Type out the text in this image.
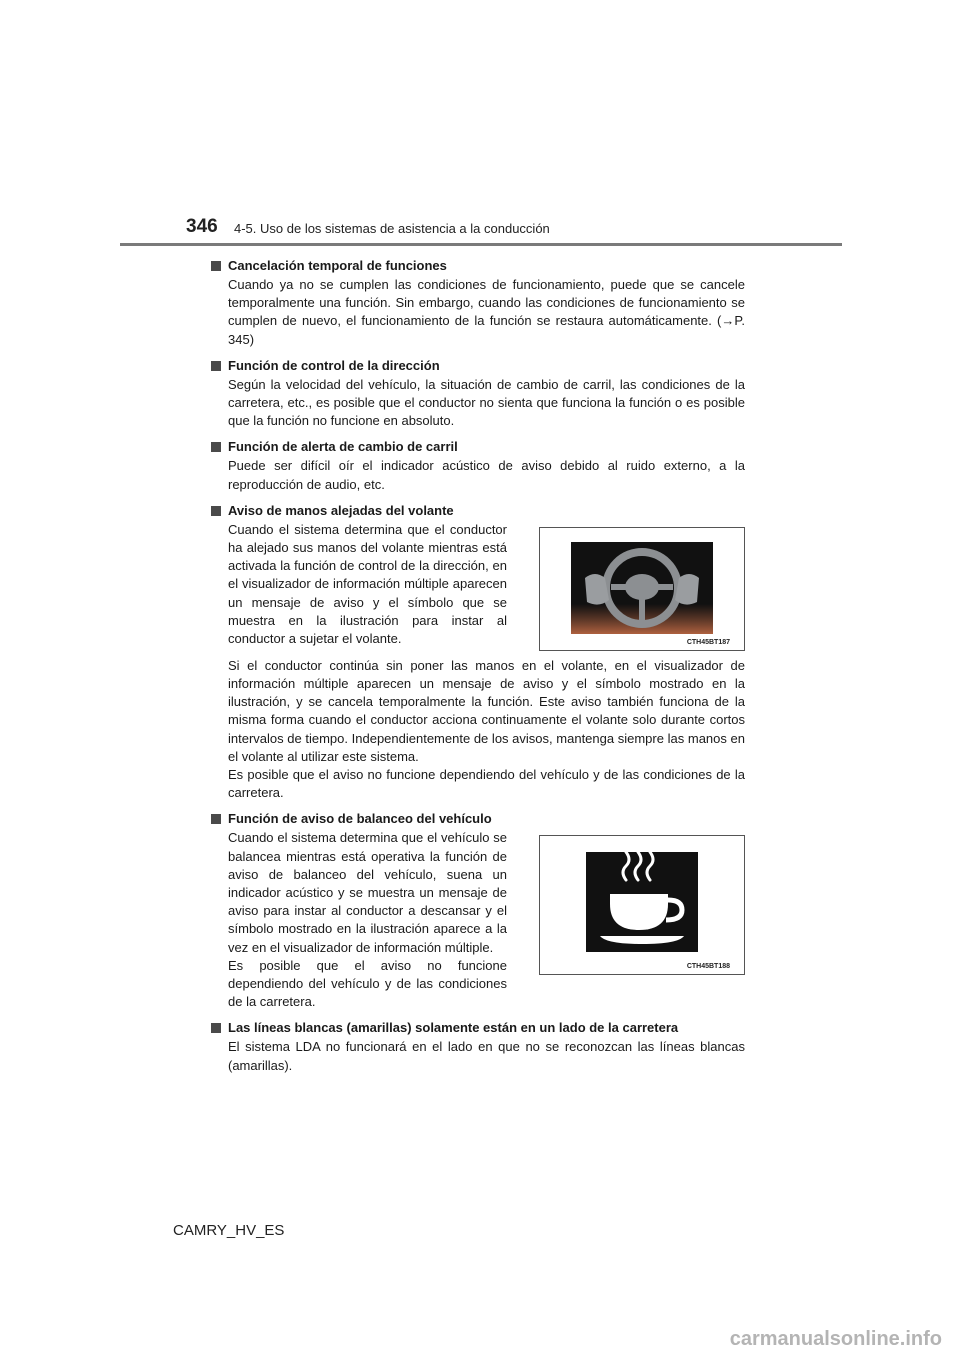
346 4-5. Uso de los sistemas de asistencia a la conducción
Cancelación temporal de funciones
Cuando ya no se cumplen las condiciones de funcionamiento, puede que se cancele temporalmente una función. Sin embargo, cuando las condiciones de funcionamiento se cumplen de nuevo, el funcionamiento de la función se restaura automáticamente. (→P. 345)
Función de control de la dirección
Según la velocidad del vehículo, la situación de cambio de carril, las condiciones de la carretera, etc., es posible que el conductor no sienta que funciona la función o es posible que la función no funcione en absoluto.
Función de alerta de cambio de carril
Puede ser difícil oír el indicador acústico de aviso debido al ruido externo, a la reproducción de audio, etc.
Aviso de manos alejadas del volante
Cuando el sistema determina que el conductor ha alejado sus manos del volante mientras está activada la función de control de la dirección, en el visualizador de información múltiple aparecen un mensaje de aviso y el símbolo que se muestra en la ilustración para instar al conductor a sujetar el volante.	CTH45BT187
Si el conductor continúa sin poner las manos en el volante, en el visualizador de información múltiple aparecen un mensaje de aviso y el símbolo mostrado en la ilustración, y se cancela temporalmente la función. Este aviso también funciona de la misma forma cuando el conductor acciona continuamente el volante solo durante cortos intervalos de tiempo. Independientemente de los avisos, mantenga siempre las manos en el volante al utilizar este sistema.
Es posible que el aviso no funcione dependiendo del vehículo y de las condiciones de la carretera.
Función de aviso de balanceo del vehículo
Cuando el sistema determina que el vehículo se balancea mientras está operativa la función de aviso de balanceo del vehículo, suena un indicador acústico y se muestra un mensaje de aviso para instar al conductor a descansar y el símbolo mostrado en la ilustración aparece a la vez en el visualizador de información múltiple.
Es posible que el aviso no funcione dependiendo del vehículo y de las condiciones de la carretera.
CTH45BT188
Las líneas blancas (amarillas) solamente están en un lado de la carretera
El sistema LDA no funcionará en el lado en que no se reconozcan las líneas blancas (amarillas).
CAMRY_HV_ES
carmanualsonline.info
